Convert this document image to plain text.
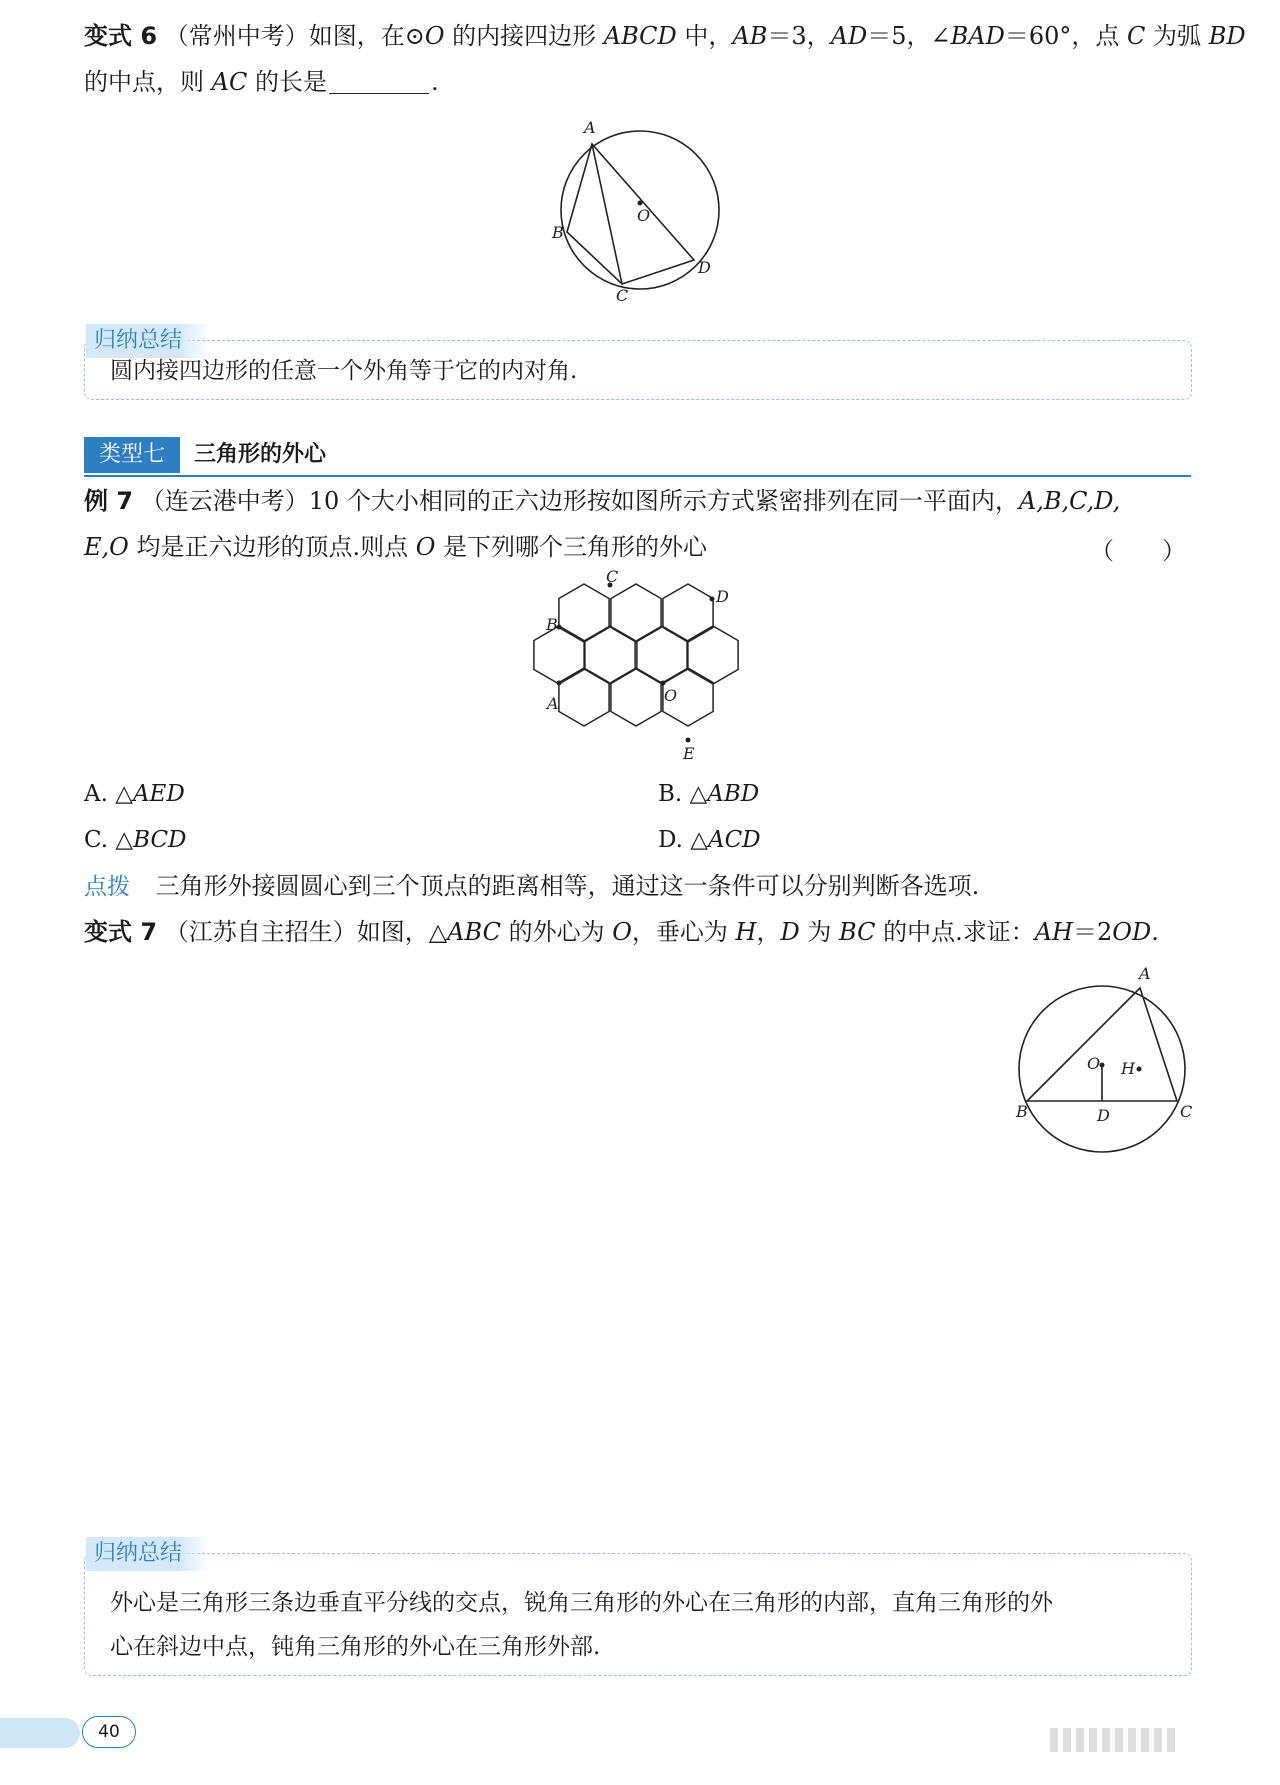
变式 6 （常州中考）如图，在⊙O 的内接四边形 ABCD 中，AB＝3，AD＝5，∠BAD＝60°，点 C 为弧 BD
的中点，则 AC 的长是	.
A
B
C
D
O
归纳总结
圆内接四边形的任意一个外角等于它的内对角.
类型七	三角形的外心
例 7 （连云港中考）10 个大小相同的正六边形按如图所示方式紧密排列在同一平面内，A,B,C,D,
E,O 均是正六边形的顶点.则点 O 是下列哪个三角形的外心	（　　）
B
C
D
A	O
E
A. △AED	B. △ABD
C. △BCD	D. △ACD
点拨 三角形外接圆圆心到三个顶点的距离相等，通过这一条件可以分别判断各选项.
变式 7 （江苏自主招生）如图，△ABC 的外心为 O，垂心为 H，D 为 BC 的中点.求证：AH＝2OD.
A
B	C
D
O H
归纳总结
外心是三角形三条边垂直平分线的交点，锐角三角形的外心在三角形的内部，直角三角形的外
心在斜边中点，钝角三角形的外心在三角形外部.
40
